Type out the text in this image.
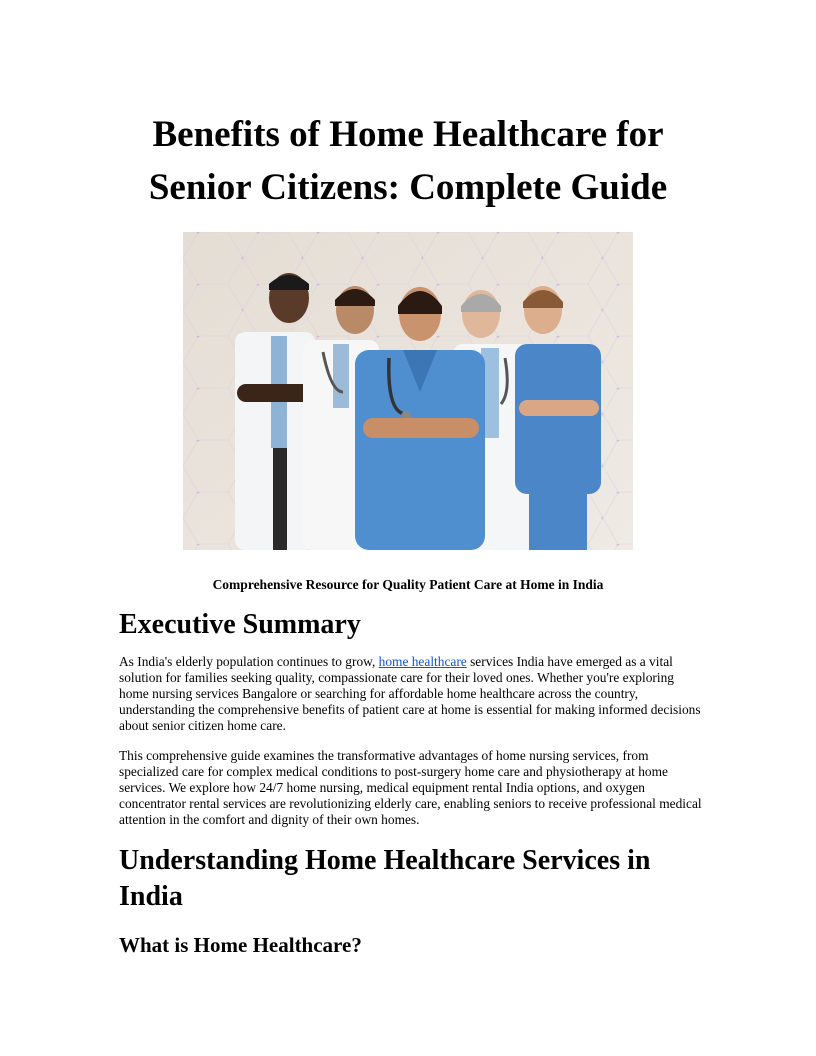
Benefits of Home Healthcare for Senior Citizens: Complete Guide

Comprehensive Resource for Quality Patient Care at Home in India

Executive Summary

As India's elderly population continues to grow, home healthcare services India have emerged as a vital solution for families seeking quality, compassionate care for their loved ones. Whether you're exploring home nursing services Bangalore or searching for affordable home healthcare across the country, understanding the comprehensive benefits of patient care at home is essential for making informed decisions about senior citizen home care.

This comprehensive guide examines the transformative advantages of home nursing services, from specialized care for complex medical conditions to post-surgery home care and physiotherapy at home services. We explore how 24/7 home nursing, medical equipment rental India options, and oxygen concentrator rental services are revolutionizing elderly care, enabling seniors to receive professional medical attention in the comfort and dignity of their own homes.

Understanding Home Healthcare Services in India
What is Home Healthcare?
